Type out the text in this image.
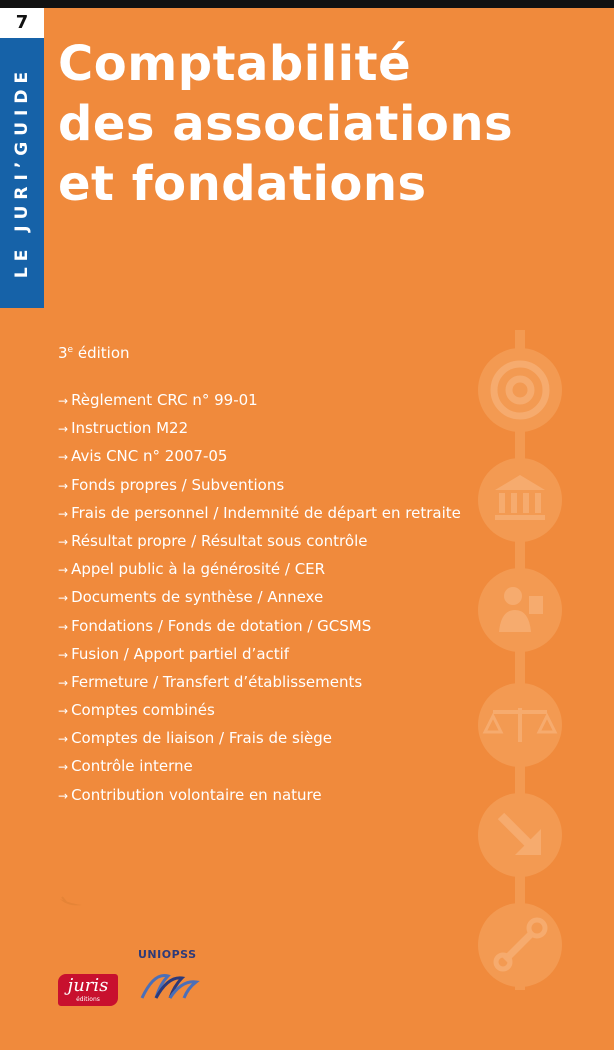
7
LE JURI’GUIDE
Comptabilité
des associations
et fondations
3e édition
→ Règlement CRC n° 99-01
→ Instruction M22
→ Avis CNC n° 2007-05
→ Fonds propres / Subventions
→ Frais de personnel / Indemnité de départ en retraite
→ Résultat propre / Résultat sous contrôle
→ Appel public à la générosité / CER
→ Documents de synthèse / Annexe
→ Fondations / Fonds de dotation / GCSMS
→ Fusion / Apport partiel d’actif
→ Fermeture / Transfert d’établissements
→ Comptes combinés
→ Comptes de liaison / Frais de siège
→ Contrôle interne
→ Contribution volontaire en nature
juris
éditions
UNIOPSS
